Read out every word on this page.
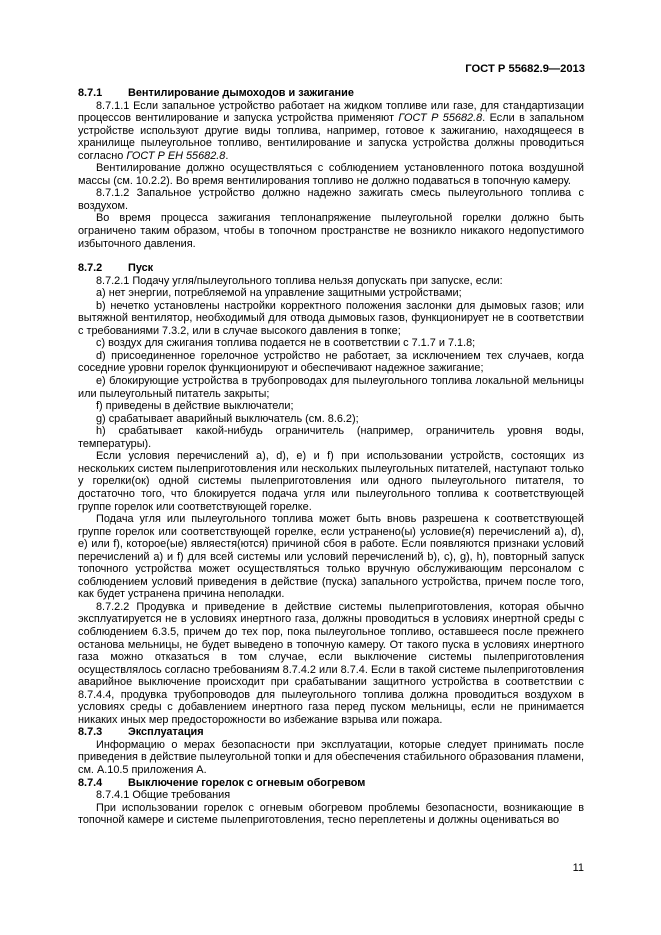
ГОСТ Р 55682.9—2013
8.7.1 Вентилирование дымоходов и зажигание

8.7.1.1 Если запальное устройство работает на жидком топливе или газе, для стандартизации процессов вентилирование и запуска устройства применяют ГОСТ Р 55682.8. Если в запальном устройстве используют другие виды топлива, например, готовое к зажиганию, находящееся в хранилище пылеугольное топливо, вентилирование и запуска устройства должны проводиться согласно ГОСТ Р ЕН 55682.8.

Вентилирование должно осуществляться с соблюдением установленного потока воздушной массы (см. 10.2.2). Во время вентилирования топливо не должно подаваться в топочную камеру.

8.7.1.2 Запальное устройство должно надежно зажигать смесь пылеугольного топлива с воздухом.

Во время процесса зажигания теплонапряжение пылеугольной горелки должно быть ограничено таким образом, чтобы в топочном пространстве не возникло никакого недопустимого избыточного давления.

8.7.2 Пуск

8.7.2.1 Подачу угля/пылеугольного топлива нельзя допускать при запуске, если:

a) нет энергии, потребляемой на управление защитными устройствами;

b) нечетко установлены настройки корректного положения заслонки для дымовых газов; или вытяжной вентилятор, необходимый для отвода дымовых газов, функционирует не в соответствии с требованиями 7.3.2, или в случае высокого давления в топке;

c) воздух для сжигания топлива подается не в соответствии с 7.1.7 и 7.1.8;

d) присоединенное горелочное устройство не работает, за исключением тех случаев, когда соседние уровни горелок функционируют и обеспечивают надежное зажигание;

e) блокирующие устройства в трубопроводах для пылеугольного топлива локальной мельницы или пылеугольный питатель закрыты;

f) приведены в действие выключатели;

g) срабатывает аварийный выключатель (см. 8.6.2);

h) срабатывает какой-нибудь ограничитель (например, ограничитель уровня воды, температуры).

Если условия перечислений а), d), е) и f) при использовании устройств, состоящих из нескольких систем пылеприготовления или нескольких пылеугольных питателей, наступают только у горелки(ок) одной системы пылеприготовления или одного пылеугольного питателя, то достаточно того, что блокируется подача угля или пылеугольного топлива к соответствующей группе горелок или соответствующей горелке.

Подача угля или пылеугольного топлива может быть вновь разрешена к соответствующей группе горелок или соответствующей горелке, если устранено(ы) условие(я) перечислений a), d), e) или f), которое(ые) являестя(ются) причиной сбоя в работе. Если появляются признаки условий перечислений а) и f) для всей системы или условий перечислений b), с), g), h), повторный запуск топочного устройства может осуществляться только вручную обслуживающим персоналом с соблюдением условий приведения в действие (пуска) запального устройства, причем после того, как будет устранена причина неполадки.

8.7.2.2 Продувка и приведение в действие системы пылеприготовления, которая обычно эксплуатируется не в условиях инертного газа, должны проводиться в условиях инертной среды с соблюдением 6.3.5, причем до тех пор, пока пылеугольное топливо, оставшееся после прежнего останова мельницы, не будет выведено в топочную камеру. От такого пуска в условиях инертного газа можно отказаться в том случае, если выключение системы пылеприготовления осуществлялось согласно требованиям 8.7.4.2 или 8.7.4. Если в такой системе пылеприготовления аварийное выключение происходит при срабатывании защитного устройства в соответствии с 8.7.4.4, продувка трубопроводов для пылеугольного топлива должна проводиться воздухом в условиях среды с добавлением инертного газа перед пуском мельницы, если не принимается никаких иных мер предосторожности во избежание взрыва или пожара.

8.7.3 Эксплуатация

Информацию о мерах безопасности при эксплуатации, которые следует принимать после приведения в действие пылеугольной топки и для обеспечения стабильного образования пламени, см. А.10.5 приложения А.

8.7.4 Выключение горелок с огневым обогревом

8.7.4.1 Общие требования

При использовании горелок с огневым обогревом проблемы безопасности, возникающие в топочной камере и системе пылеприготовления, тесно переплетены и должны оцениваться во

11
